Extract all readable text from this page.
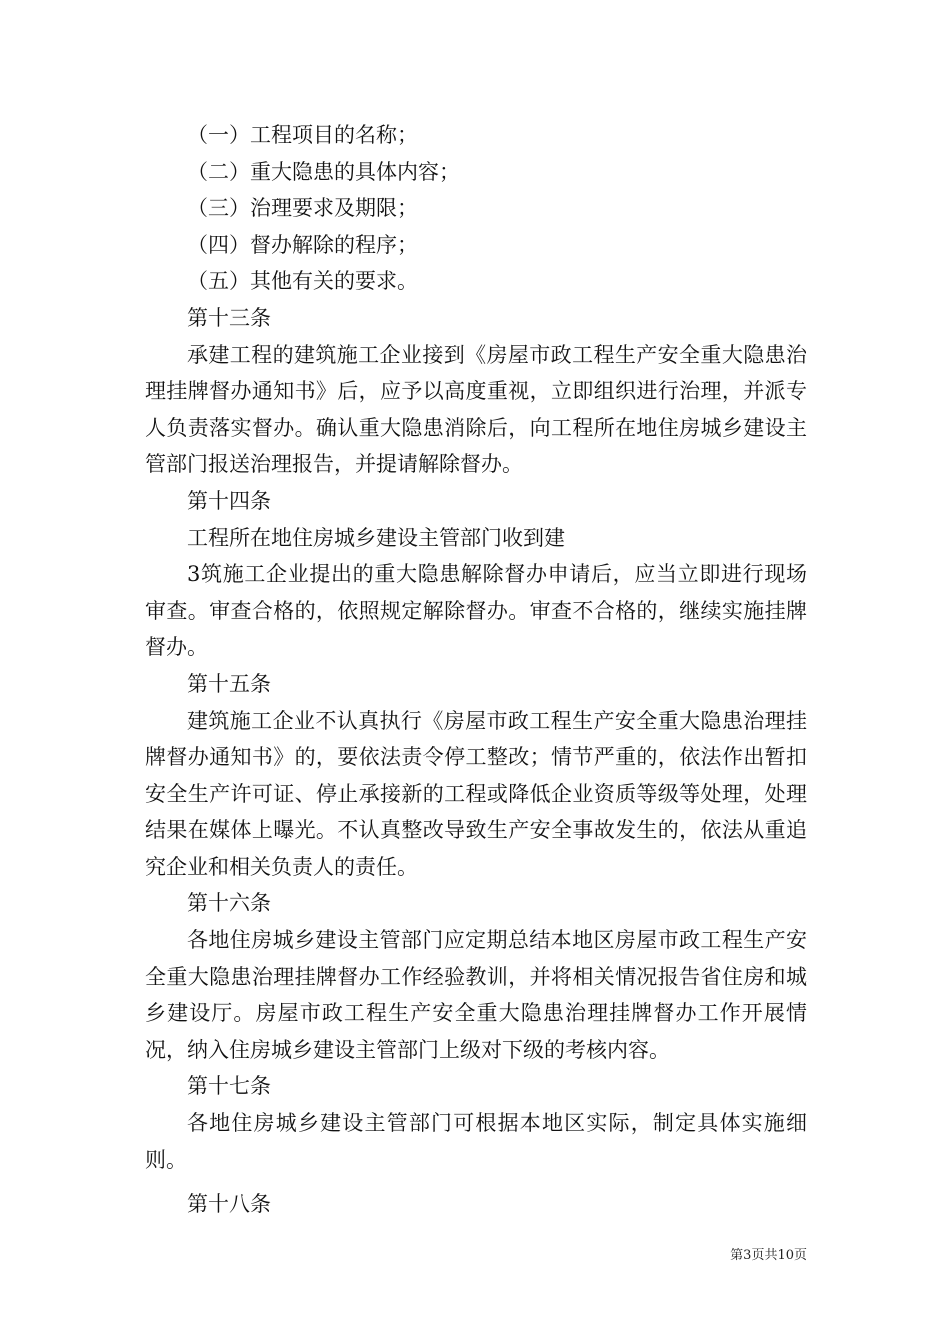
（一）工程项目的名称；

（二）重大隐患的具体内容；

（三）治理要求及期限；

（四）督办解除的程序；

（五）其他有关的要求。

第十三条

承建工程的建筑施工企业接到《房屋市政工程生产安全重大隐患治理挂牌督办通知书》后，应予以高度重视，立即组织进行治理，并派专人负责落实督办。确认重大隐患消除后，向工程所在地住房城乡建设主管部门报送治理报告，并提请解除督办。

第十四条

工程所在地住房城乡建设主管部门收到建

3筑施工企业提出的重大隐患解除督办申请后，应当立即进行现场审查。审查合格的，依照规定解除督办。审查不合格的，继续实施挂牌督办。

第十五条

建筑施工企业不认真执行《房屋市政工程生产安全重大隐患治理挂牌督办通知书》的，要依法责令停工整改；情节严重的，依法作出暂扣安全生产许可证、停止承接新的工程或降低企业资质等级等处理，处理结果在媒体上曝光。不认真整改导致生产安全事故发生的，依法从重追究企业和相关负责人的责任。

第十六条

各地住房城乡建设主管部门应定期总结本地区房屋市政工程生产安全重大隐患治理挂牌督办工作经验教训，并将相关情况报告省住房和城乡建设厅。房屋市政工程生产安全重大隐患治理挂牌督办工作开展情况，纳入住房城乡建设主管部门上级对下级的考核内容。

第十七条

各地住房城乡建设主管部门可根据本地区实际，制定具体实施细则。

第十八条

第3页共10页
